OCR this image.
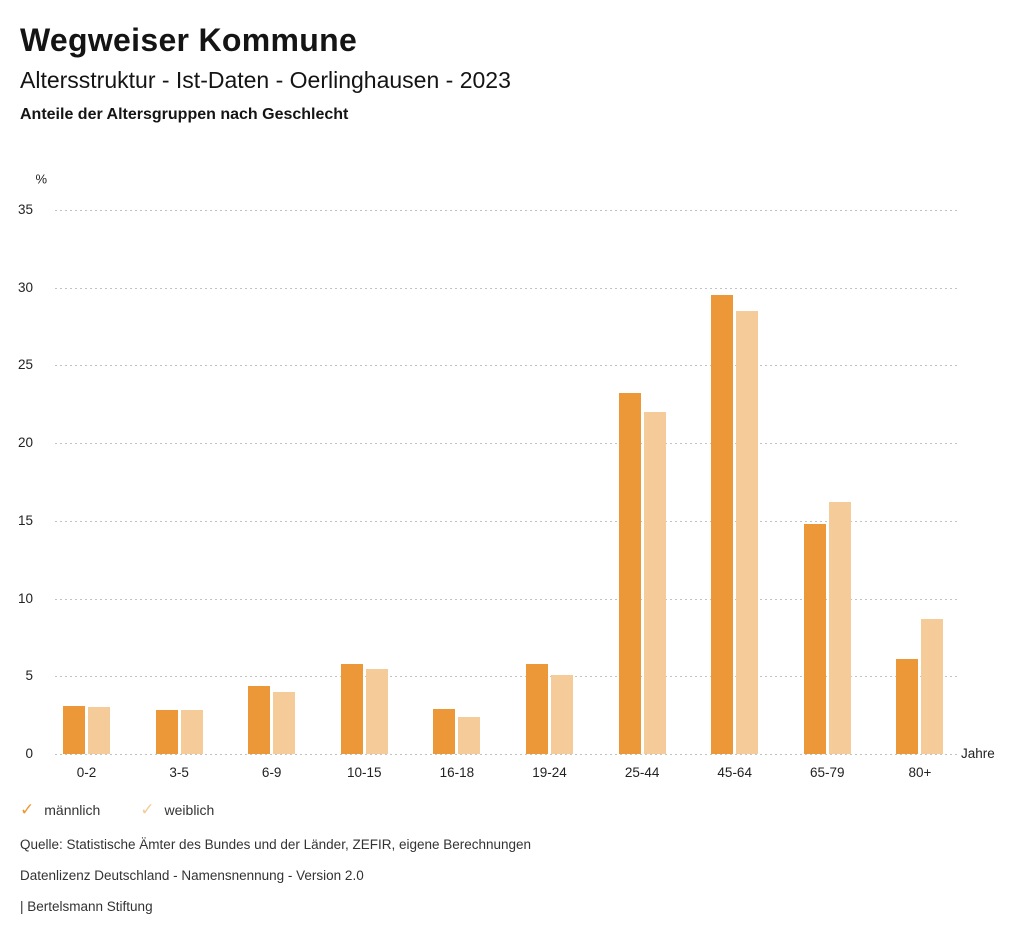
Wegweiser Kommune
Altersstruktur - Ist-Daten - Oerlinghausen - 2023
Anteile der Altersgruppen nach Geschlecht
%
Jahre
0
5
10
15
20
25
30
35
0-2	3-5	6-9	10-15	16-18	19-24	25-44	45-64	65-79	80+
✓ männlich ✓ weiblich
Quelle: Statistische Ämter des Bundes und der Länder, ZEFIR, eigene Berechnungen
Datenlizenz Deutschland - Namensnennung - Version 2.0
| Bertelsmann Stiftung
